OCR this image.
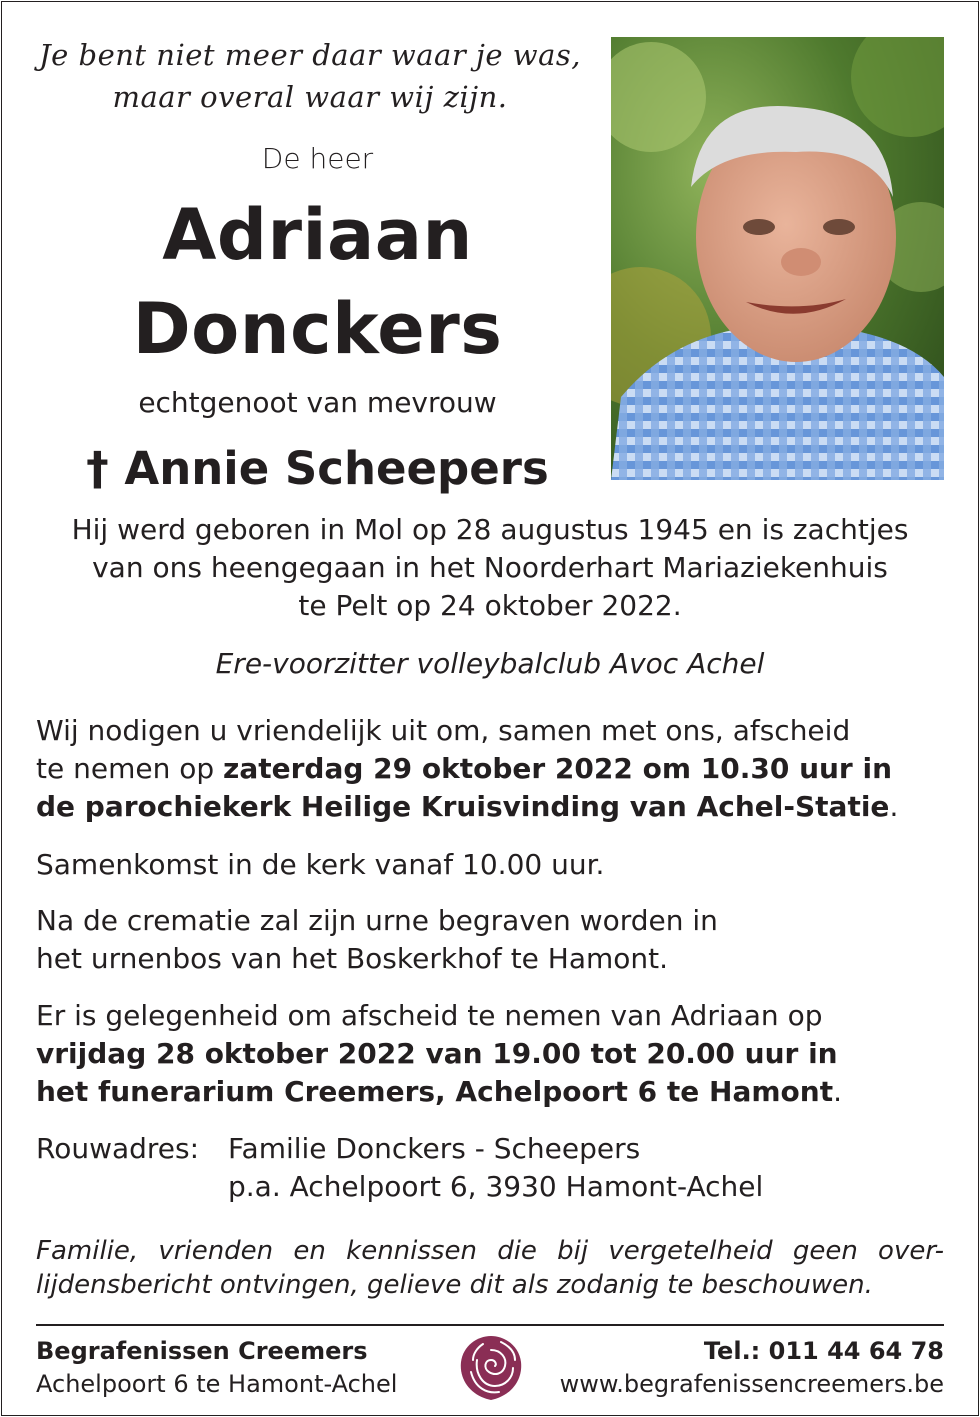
Je bent niet meer daar waar je was,
maar overal waar wij zijn.
De heer
Adriaan
Donckers
echtgenoot van mevrouw
† Annie Scheepers
Hij werd geboren in Mol op 28 augustus 1945 en is zachtjes
van ons heengegaan in het Noorderhart Mariaziekenhuis
te Pelt op 24 oktober 2022.
Ere-voorzitter volleybalclub Avoc Achel
Wij nodigen u vriendelijk uit om, samen met ons, afscheid
te nemen op zaterdag 29 oktober 2022 om 10.30 uur in
de parochiekerk Heilige Kruisvinding van Achel-Statie.
Samenkomst in de kerk vanaf 10.00 uur.
Na de crematie zal zijn urne begraven worden in
het urnenbos van het Boskerkhof te Hamont.
Er is gelegenheid om afscheid te nemen van Adriaan op
vrijdag 28 oktober 2022 van 19.00 tot 20.00 uur in
het funerarium Creemers, Achelpoort 6 te Hamont.
Rouwadres: Familie Donckers - Scheepers
p.a. Achelpoort 6, 3930 Hamont-Achel
Familie, vrienden en kennissen die bij vergetelheid geen over-
lijdensbericht ontvingen, gelieve dit als zodanig te beschouwen.
Begrafenissen Creemers
Achelpoort 6 te Hamont-Achel
Tel.: 011 44 64 78
www.begrafenissencreemers.be
